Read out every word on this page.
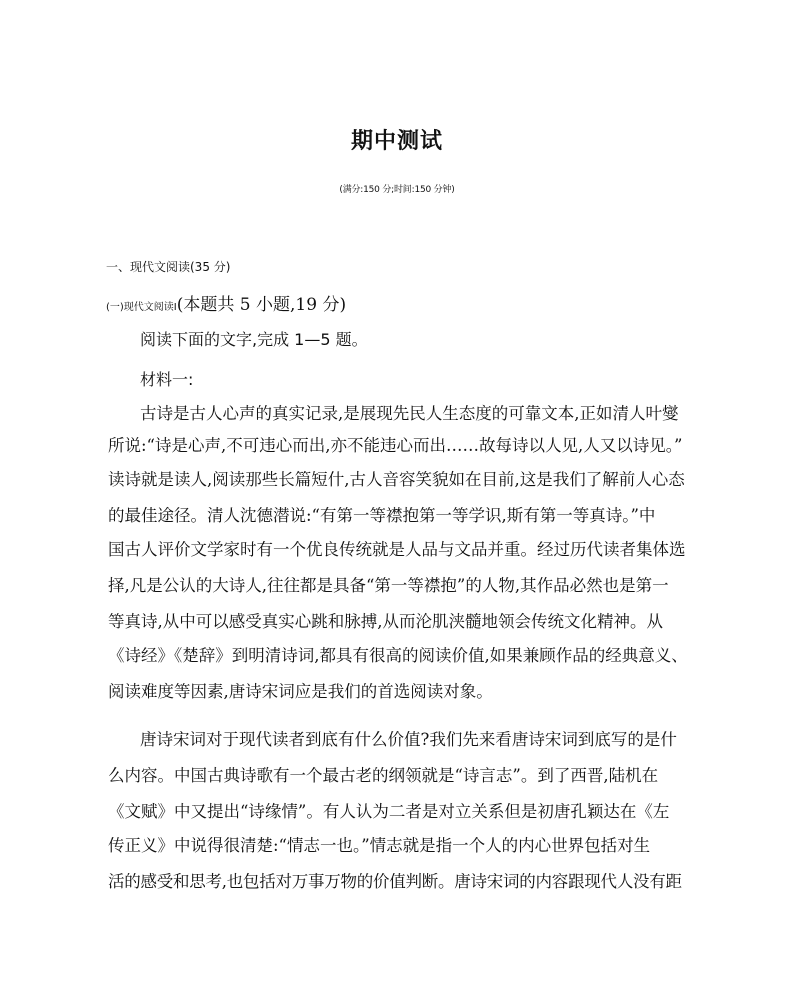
期中测试
(满分:150 分;时间:150 分钟)
一、现代文阅读(35 分)
(一)现代文阅读Ⅰ(本题共 5 小题,19 分)
阅读下面的文字,完成 1—5 题。
材料一:
古诗是古人心声的真实记录,是展现先民人生态度的可靠文本,正如清人叶燮
所说:“诗是心声,不可违心而出,亦不能违心而出……故每诗以人见,人又以诗见。”
读诗就是读人,阅读那些长篇短什,古人音容笑貌如在目前,这是我们了解前人心态
的最佳途径。清人沈德潜说:“有第一等襟抱第一等学识,斯有第一等真诗。”中
国古人评价文学家时有一个优良传统就是人品与文品并重。经过历代读者集体选
择,凡是公认的大诗人,往往都是具备“第一等襟抱”的人物,其作品必然也是第一
等真诗,从中可以感受真实心跳和脉搏,从而沦肌浃髓地领会传统文化精神。从
《诗经》《楚辞》到明清诗词,都具有很高的阅读价值,如果兼顾作品的经典意义、
阅读难度等因素,唐诗宋词应是我们的首选阅读对象。
唐诗宋词对于现代读者到底有什么价值?我们先来看唐诗宋词到底写的是什
么内容。中国古典诗歌有一个最古老的纲领就是“诗言志”。到了西晋,陆机在
《文赋》中又提出“诗缘情”。有人认为二者是对立关系但是初唐孔颖达在《左
传正义》中说得很清楚:“情志一也。”情志就是指一个人的内心世界包括对生
活的感受和思考,也包括对万事万物的价值判断。唐诗宋词的内容跟现代人没有距
